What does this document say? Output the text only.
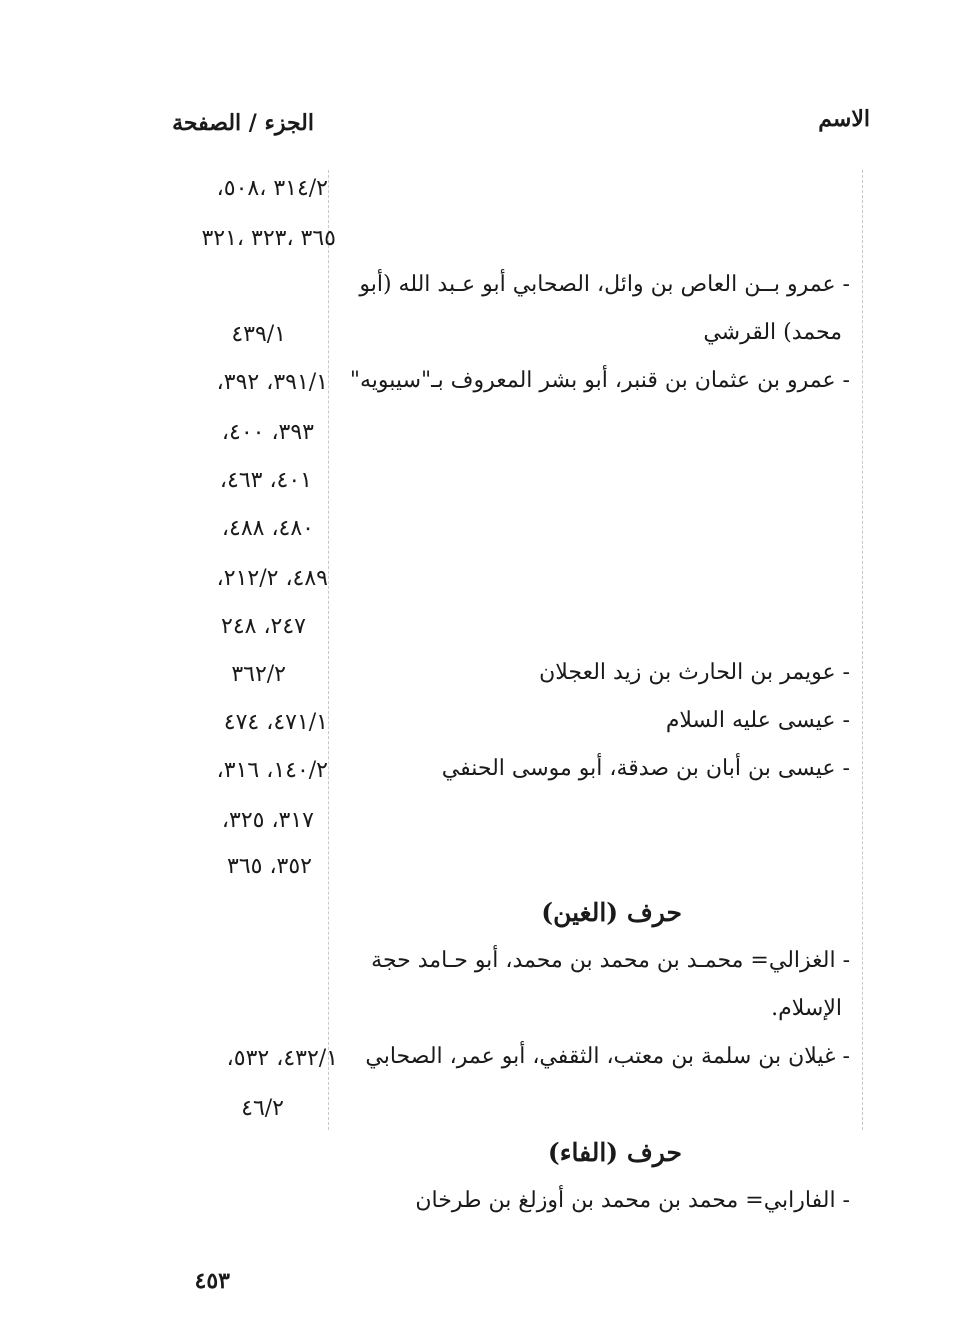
الاسم
الجزء / الصفحة
٣١٤/٢ ،٥٠٨،
٣٦٥ ،٣٢٣ ،٣٢١
- عمرو بــن العاص بن وائل، الصحابي أبو عـبد الله (أبو
محمد) القرشي
٤٣٩/١
- عمرو بن عثمان بن قنبر، أبو بشر المعروف بـ"سيبويه"
٣٩١/١، ٣٩٢،
٣٩٣، ٤٠٠،
٤٠١، ٤٦٣،
٤٨٠، ٤٨٨،
٤٨٩، ٢١٢/٢،
٢٤٧، ٢٤٨
- عويمر بن الحارث بن زيد العجلان
٣٦٢/٢
- عيسى عليه السلام
٤٧١/١، ٤٧٤
- عيسى بن أبان بن صدقة، أبو موسى الحنفي
١٤٠/٢، ٣١٦،
٣١٧، ٣٢٥،
٣٥٢، ٣٦٥
حرف (الغين)
- الغزالي= محمـد بن محمد بن محمد، أبو حـامد حجة
الإسلام.
- غيلان بن سلمة بن معتب، الثقفي، أبو عمر، الصحابي
٤٣٢/١، ٥٣٢،
٤٦/٢
حرف (الفاء)
- الفارابي= محمد بن محمد بن أوزلغ بن طرخان
٤٥٣
